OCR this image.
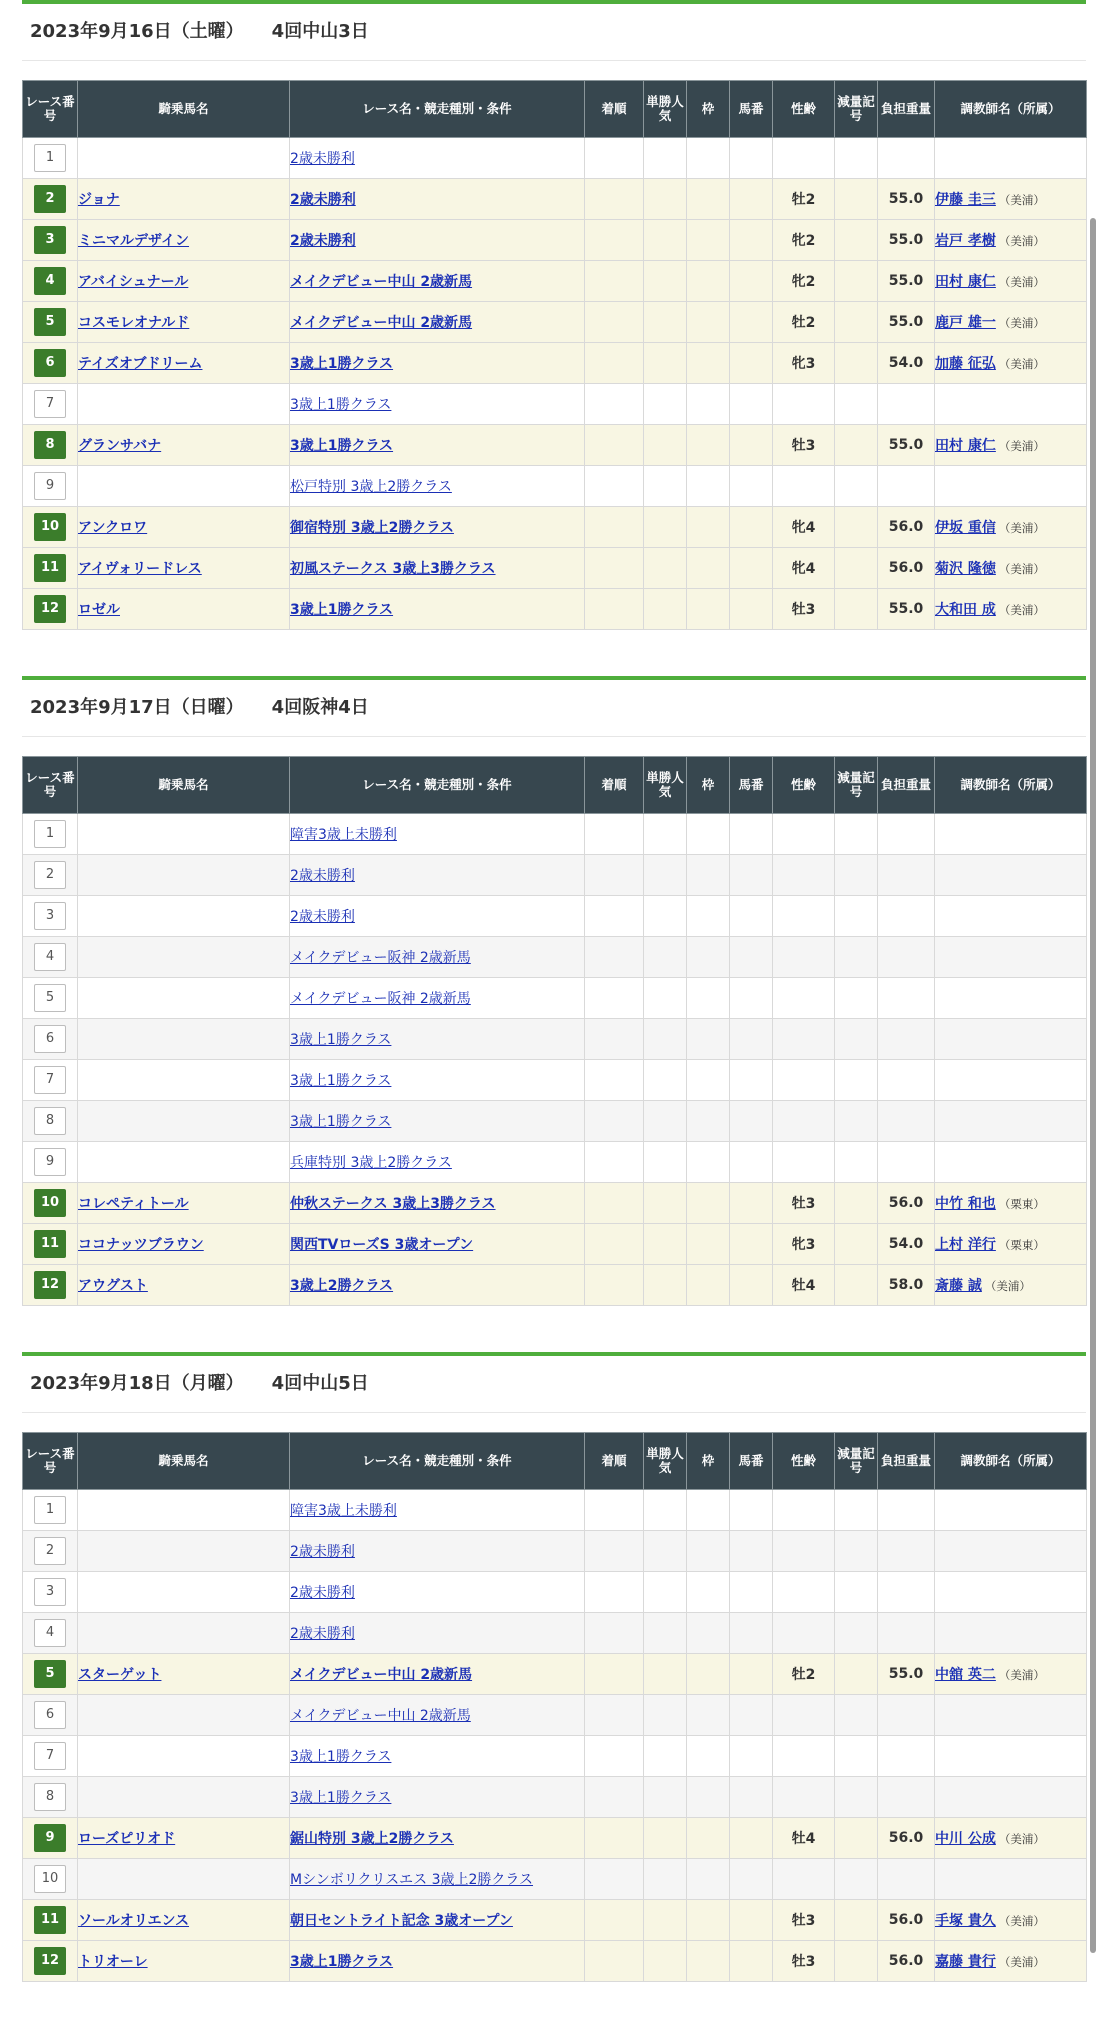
2023年9月16日（土曜） 4回中山3日
レース番号	騎乗馬名	レース名・競走種別・条件	着順	単勝人気	枠	馬番	性齢	減量記号	負担重量	調教師名（所属）
1		2歳未勝利								
2	ジョナ	2歳未勝利					牡2		55.0	伊藤 圭三 （美浦）
3	ミニマルデザイン	2歳未勝利					牝2		55.0	岩戸 孝樹 （美浦）
4	アバイシュナール	メイクデビュー中山 2歳新馬					牝2		55.0	田村 康仁 （美浦）
5	コスモレオナルド	メイクデビュー中山 2歳新馬					牡2		55.0	鹿戸 雄一 （美浦）
6	テイズオブドリーム	3歳上1勝クラス					牝3		54.0	加藤 征弘 （美浦）
7		3歳上1勝クラス								
8	グランサバナ	3歳上1勝クラス					牡3		55.0	田村 康仁 （美浦）
9		松戸特別 3歳上2勝クラス								
10	アンクロワ	御宿特別 3歳上2勝クラス					牝4		56.0	伊坂 重信 （美浦）
11	アイヴォリードレス	初風ステークス 3歳上3勝クラス					牝4		56.0	菊沢 隆徳 （美浦）
12	ロゼル	3歳上1勝クラス					牡3		55.0	大和田 成 （美浦）
2023年9月17日（日曜） 4回阪神4日
レース番号	騎乗馬名	レース名・競走種別・条件	着順	単勝人気	枠	馬番	性齢	減量記号	負担重量	調教師名（所属）
1		障害3歳上未勝利								
2		2歳未勝利								
3		2歳未勝利								
4		メイクデビュー阪神 2歳新馬								
5		メイクデビュー阪神 2歳新馬								
6		3歳上1勝クラス								
7		3歳上1勝クラス								
8		3歳上1勝クラス								
9		兵庫特別 3歳上2勝クラス								
10	コレペティトール	仲秋ステークス 3歳上3勝クラス					牡3		56.0	中竹 和也 （栗東）
11	ココナッツブラウン	関西TVローズS 3歳オープン					牝3		54.0	上村 洋行 （栗東）
12	アウグスト	3歳上2勝クラス					牡4		58.0	斎藤 誠 （美浦）
2023年9月18日（月曜） 4回中山5日
レース番号	騎乗馬名	レース名・競走種別・条件	着順	単勝人気	枠	馬番	性齢	減量記号	負担重量	調教師名（所属）
1		障害3歳上未勝利								
2		2歳未勝利								
3		2歳未勝利								
4		2歳未勝利								
5	スターゲット	メイクデビュー中山 2歳新馬					牡2		55.0	中舘 英二 （美浦）
6		メイクデビュー中山 2歳新馬								
7		3歳上1勝クラス								
8		3歳上1勝クラス								
9	ローズピリオド	鋸山特別 3歳上2勝クラス					牡4		56.0	中川 公成 （美浦）
10		Mシンボリクリスエス 3歳上2勝クラス								
11	ソールオリエンス	朝日セントライト記念 3歳オープン					牡3		56.0	手塚 貴久 （美浦）
12	トリオーレ	3歳上1勝クラス					牡3		56.0	嘉藤 貴行 （美浦）
